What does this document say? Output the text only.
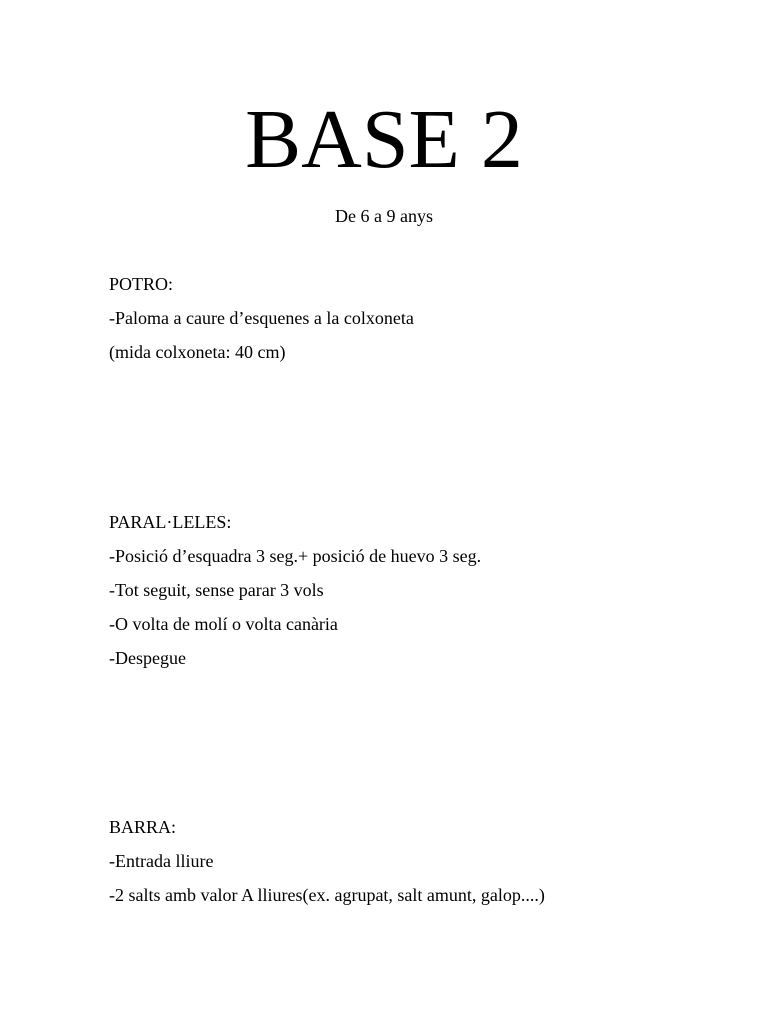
BASE 2

De 6 a 9 anys

POTRO:
-Paloma a caure d’esquenes a la colxoneta
(mida colxoneta: 40 cm)
PARAL·LELES:
-Posició d’esquadra 3 seg.+ posició de huevo 3 seg.
-Tot seguit, sense parar 3 vols
-O volta de molí o volta canària
-Despegue
BARRA:
-Entrada lliure
-2 salts amb valor A lliures(ex. agrupat, salt amunt, galop....)
